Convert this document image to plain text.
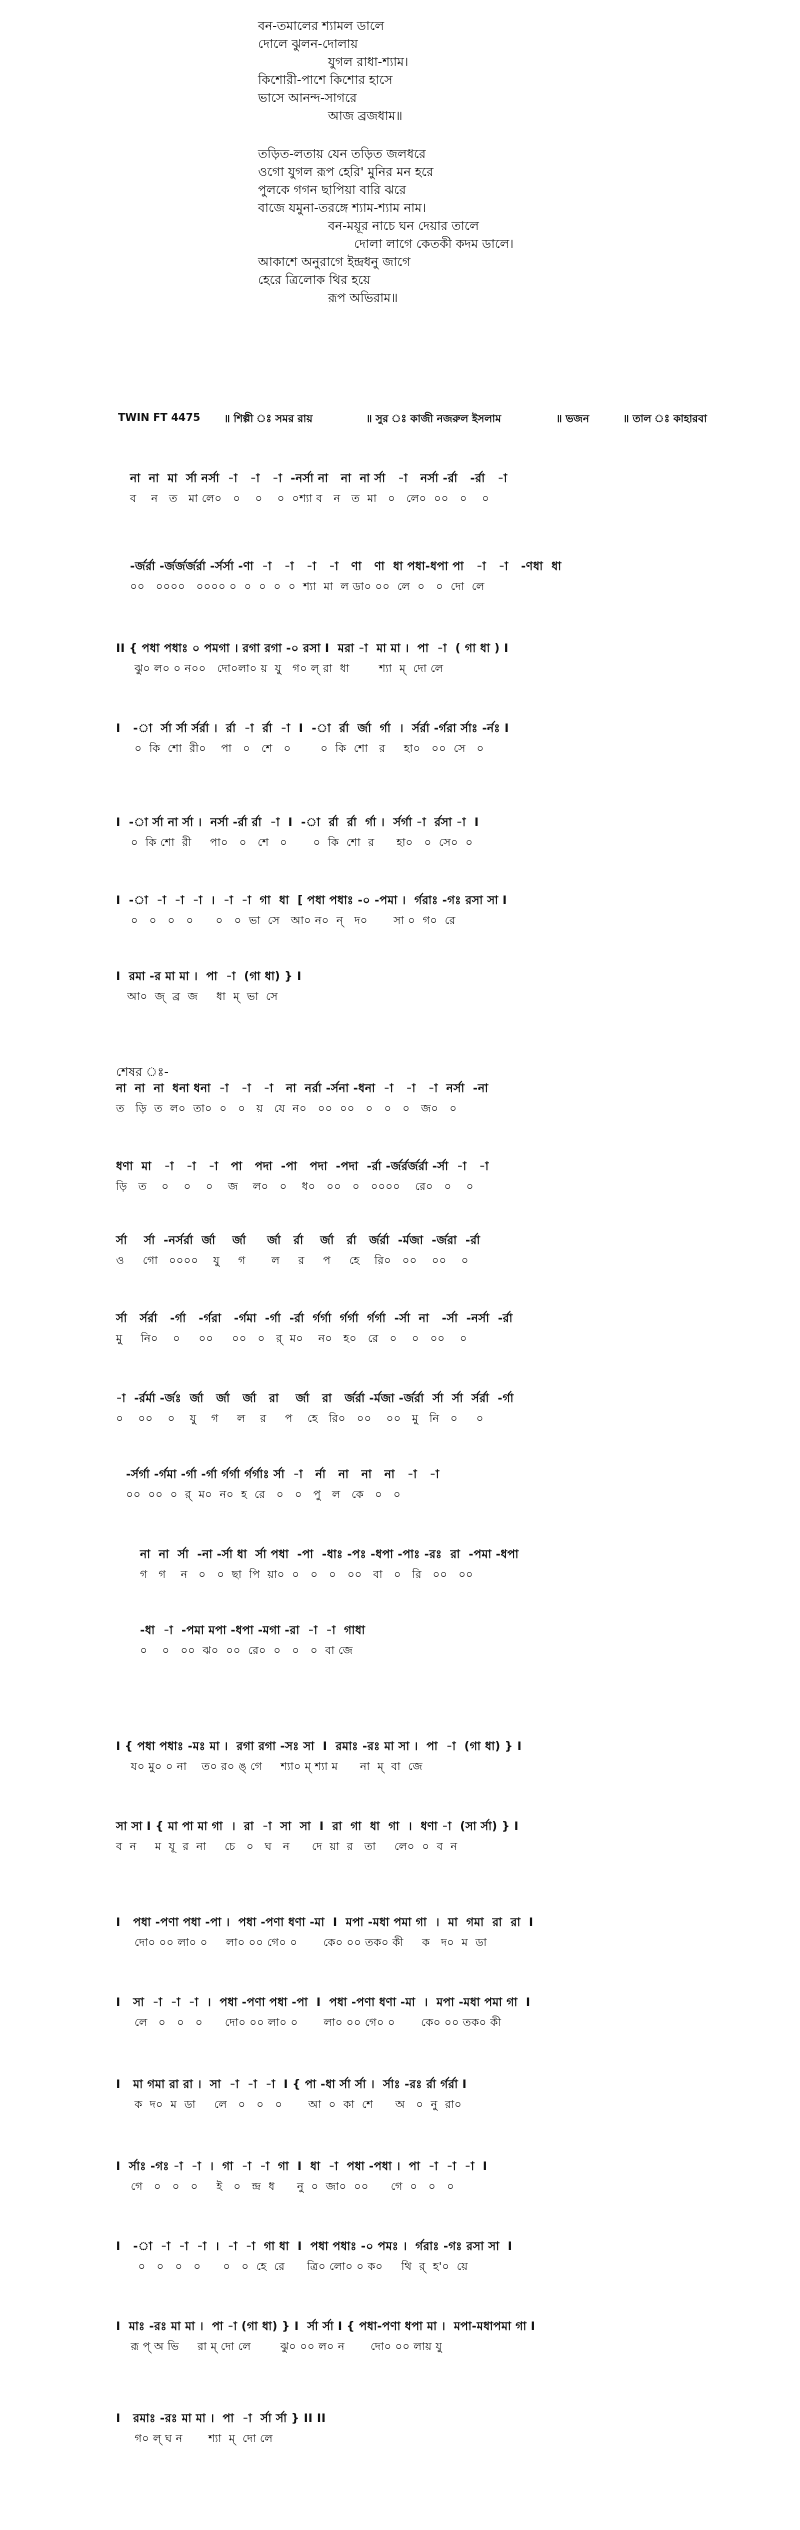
বন-তমালের শ্যামল ডালে
দোলে ঝুলন-দোলায়
যুগল রাধা-শ্যাম।
কিশোরী-পাশে কিশোর হাসে
ভাসে আনন্দ-সাগরে
আজ ব্রজধাম॥
তড়িত-লতায় যেন তড়িত জলধরে
ওগো যুগল রূপ হেরি' মুনির মন হরে
পুলকে গগন ছাপিয়া বারি ঝরে
বাজে যমুনা-তরঙ্গে শ্যাম-শ্যাম নাম।
বন-ময়ূর নাচে ঘন দেয়ার তালে
দোলা লাগে কেতকী কদম ডালে।
আকাশে অনুরাগে ইন্দ্রধনু জাগে
হেরে ত্রিলোক থির হয়ে
রূপ অভিরাম॥
TWIN FT 4475 ॥ শিল্পী ঃ সমর রায়	॥ সুর ঃ কাজী নজরুল ইসলাম	॥ ভজন	॥ তাল ঃ কাহারবা
শেষর ঃ-
না  না  মা  র্সা নর্সা  -া   -া   -া  -নর্সা না   না  না র্সা   -া   নর্সা -র্রা   -র্রা   -া
ব    ন   ত   মা লে০   ০    ০    ০  ০শ্যা ব   ন   ত  মা   ০   লে০  ০০   ০    ০
-র্জর্রা -র্জর্জর্জর্রা -র্সর্সা -ণা  -া   -া   -া   -া   ণা   ণা  ধা পধা-ধপা পা   -া   -া   -ণধা  ধা
০০   ০০০০   ০০০০ ০  ০  ০  ০  ০  শ্যা  মা  ল ডা০ ০০  লে  ০   ০  দো  লে
II { পধা পধাঃ ০ পমগা । রগা রগা -০ রসা I  মরা -া  মা মা ।  পা  -া  ( গা ধা ) I
ঝু০ ল০ ০ ন০০   দো০লা০ য়  যু   গ০ ল্ রা  ধা        শ্যা  ম্  দো লে
I   -া  র্সা র্সা র্সর্রা ।  র্রা  -া  র্রা  -া  I  -া  র্রা  র্জা  র্গা  ।  র্সর্রা -র্গরা র্সাঃ -র্নঃ I
০  কি  শো  রী০    পা   ০   শে   ০        ০  কি  শো   র     হা০   ০০  সে   ০
I  -া র্সা না র্সা ।  নর্সা -র্রা র্রা  -া  I  -া  র্রা  র্রা  র্গা ।  র্সর্গা -া  র্রসা -া  I
০  কি শো  রী     পা০   ০   শে   ০       ০  কি  শো  র      হা০   ০  সে০  ০
I  -া  -া  -া  -া  ।  -া  -া  গা  ধা  [ পধা পধাঃ -০ -পমা ।  র্গরাঃ -গঃ রসা সা I
০   ০   ০   ০      ০   ০  ভা  সে   আ০ ন০  ন্   দ০       সা ০  গ০  রে
I  রমা -র মা মা ।  পা  -া  (গা ধা) } I
আ০  জ্  ব্র  জ     ধা  ম্  ভা  সে
না  না  না  ধনা ধনা  -া   -া   -া   না  নর্রা -র্সনা -ধনা  -া   -া   -া  নর্সা  -না
ত   ড়ি  ত  ল০  তা০  ০   ০   য়   যে  ন০   ০০  ০০   ০   ০   ০   জ০   ০
ধণা  মা   -া   -া   -া   পা   পদা  -পা   পদা  -পদা  -র্রা -র্জর্রর্জর্রা -র্সা  -া   -া
ড়ি   ত    ০    ০    ০    জ    ল০   ০    ধ০   ০০   ০   ০০০০    রে০   ০    ০
র্সা    র্সা  -নর্সর্রা  র্জা    র্জা     র্জা   র্রা    র্জা   র্রা   র্জর্রা  -র্মজা  -র্জরা  -র্রা
ও     গো   ০০০০    যু     গ       ল     র     প     হে    রি০   ০০    ০০    ০
র্সা   র্সর্রা   -র্গা   -র্গরা   -র্গমা  -র্গা  -র্রা  র্গর্গা  র্গর্গা  র্গর্গা  -র্সা  না   -র্সা  -নর্সা  -র্রা
মু     নি০    ০     ০০     ০০   ০   র্  ম০    ন০   হ০   রে   ০    ০   ০০    ০
-া  -র্রর্মা -র্জঃ  র্জা   র্জা   র্জা   রা    র্জা   রা   র্জর্রা -র্মজা -র্জর্রা  র্সা  র্সা  র্সর্রা  -র্গা
০    ০০    ০    যু    গ     ল    র     প    হে   রি০   ০০    ০০   মু   নি   ০     ০
-র্সর্গা -র্গমা -র্গা -র্গা র্গর্গা র্গর্গাঃ র্সা  -া   র্না   না   না   না   -া   -া
০০  ০০  ০  র্  ম০  ন০  হ  রে   ০   ০   পু   ল   কে   ০   ০
না  না  র্সা  -না -র্সা ধা  র্সা পধা  -পা  -ধাঃ -পঃ -ধপা -পাঃ -রঃ  রা  -পমা -ধপা
গ   গ    ন   ০   ০  ছা  পি  য়া০  ০   ০   ০   ০০   বা   ০   রি   ০০   ০০
-ধা  -া  -পমা মপা -ধপা -মগা -রা  -া  -া  গাধা
০    ০   ০০  ঝ০  ০০  রে০  ০   ০   ০  বা জে
I { পধা পধাঃ -মঃ মা ।  রগা রগা -সঃ সা  I  রমাঃ -রঃ মা সা ।  পা  -া  (গা ধা) } I
য০ মু০ ০ না    ত০ র০ ঙ্ গে     শ্যা০ ম্ শ্যা ম      না  ম্  বা  জে
সা সা I { মা পা মা গা  ।  রা  -া  সা  সা  I  রা  গা  ধা  গা  ।  ধণা -া  (সা র্সা) } I
ব  ন     ম  যূ  র  না     চে   ০   ঘ   ন      দে  য়া  র   তা     লে০  ০  ব  ন
I   পধা -পণা পধা -পা ।  পধা -পণা ধণা -মা  I  মপা -মধা পমা গা  ।  মা  গমা  রা  রা  I
দো০ ০০ লা০ ০     লা০ ০০ গে০ ০       কে০ ০০ তক০ কী     ক   দ০  ম  ডা
I   সা  -া  -া  -া  ।  পধা -পণা পধা -পা  I  পধা -পণা ধণা -মা  ।  মপা -মধা পমা গা  I
লে   ০   ০   ০      দো০ ০০ লা০ ০       লা০ ০০ গে০ ০       কে০ ০০ তক০ কী
I   মা গমা রা রা ।  সা  -া  -া  -া  I { পা -ধা র্সা র্সা ।  র্সাঃ -রঃ র্রা র্গর্রা I
ক  দ০  ম  ডা     লে   ০   ০   ০       আ  ০  কা  শে      অ   ০  নু  রা০
I  র্সাঃ -গঃ -া  -া  ।  গা  -া  -া  গা  I  ধা  -া  পধা -পধা ।  পা  -া  -া  -া  I
গে   ০   ০   ০     ই   ০   ন্দ্র  ধ      নু  ০  জা০  ০০      গে  ০   ০   ০
I   -া  -া  -া  -া  ।  -া  -া  গা ধা  I  পধা পধাঃ -০ পমঃ ।  র্গরাঃ -গঃ রসা সা  I
০   ০   ০   ০      ০   ০  হে  রে      ত্রি০ লো০ ০ ক০     থি  র্  হ'০  য়ে
I  মাঃ -রঃ মা মা ।  পা -া (গা ধা) } I  র্সা র্সা I { পধা-পণা ধপা মা ।  মপা-মধাপমা গা I
রূ প্ অ ভি     রা ম্ দো লে        ঝু০ ০০ ল০ ন       দো০ ০০ লায় যু
I   রমাঃ -রঃ মা মা ।  পা  -া  র্সা র্সা } II II
গ০ ল্ ঘ ন       শ্যা  ম্  দো লে
